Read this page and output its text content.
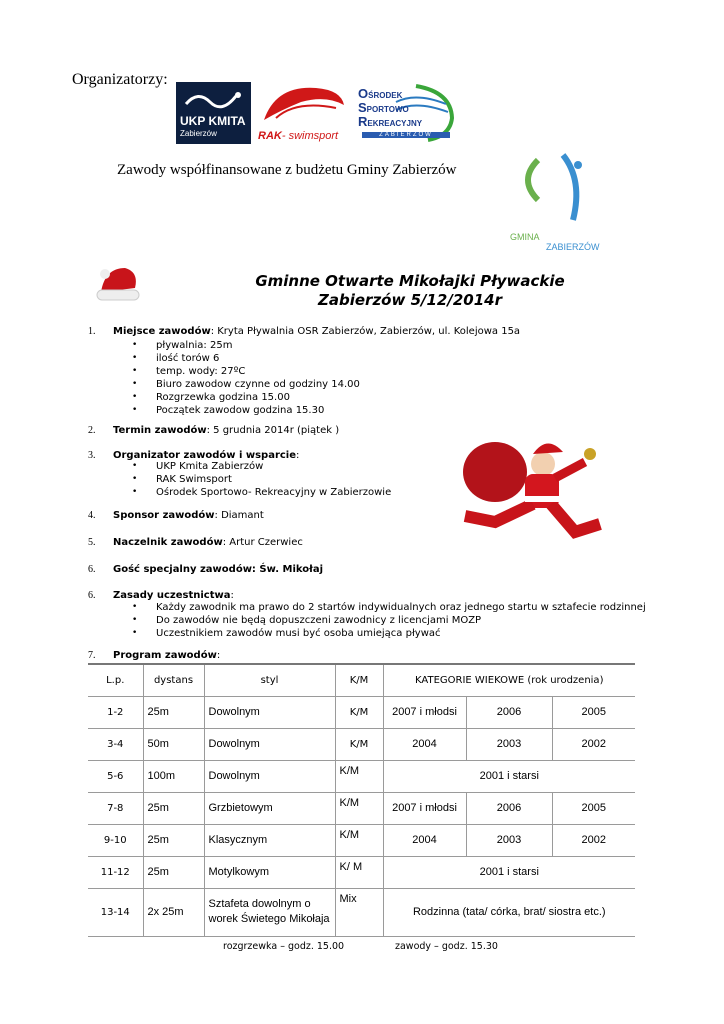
Organizatorzy:
UKP KMITA
Zabierzów	RAK- swimsport
OŚRODEK
SPORTOWO
REKREACYJNY
ZABIERZÓW
Zawody współfinansowane z budżetu Gminy Zabierzów
GMINA
ZABIERZÓW
Gminne Otwarte Mikołajki Pływackie
Zabierzów 5/12/2014r
1. Miejsce zawodów: Kryta Pływalnia OSR Zabierzów, Zabierzów, ul. Kolejowa 15a
2. Termin zawodów: 5 grudnia 2014r (piątek )
3. Organizator zawodów i wsparcie:
4. Sponsor zawodów: Diamant
5. Naczelnik zawodów: Artur Czerwiec
6. Gość specjalny zawodów: Św. Mikołaj
6. Zasady uczestnictwa:
7. Program zawodów:
L.p.	dystans	styl	K/M	KATEGORIE WIEKOWE (rok urodzenia)		
1-2	25m	Dowolnym	K/M	2007 i młodsi	2006	2005
3-4	50m	Dowolnym	K/M	2004	2003	2002
5-6	100m	Dowolnym	K/M	2001 i starsi		
7-8	25m	Grzbietowym	K/M	2007 i młodsi	2006	2005
9-10	25m	Klasycznym	K/M	2004	2003	2002
11-12	25m	Motylkowym	K/ M	2001 i starsi		
13-14	2x 25m	Sztafeta dowolnym o worek Świetego Mikołaja	Mix	Rodzinna (tata/ córka, brat/ siostra etc.)		
rozgrzewka – godz. 15.00	zawody – godz. 15.30
• pływalnia: 25m
• ilość torów 6
• temp. wody: 27ºC
• Biuro zawodow czynne od godziny 14.00
• Rozgrzewka godzina 15.00
• Początek zawodow godzina 15.30
• UKP Kmita Zabierzów
• RAK Swimsport
• Ośrodek Sportowo- Rekreacyjny w Zabierzowie
• Każdy zawodnik ma prawo do 2 startów indywidualnych oraz jednego startu w sztafecie rodzinnej
• Do zawodów nie będą dopuszczeni zawodnicy z licencjami MOZP
• Uczestnikiem zawodów musi być osoba umiejąca pływać
